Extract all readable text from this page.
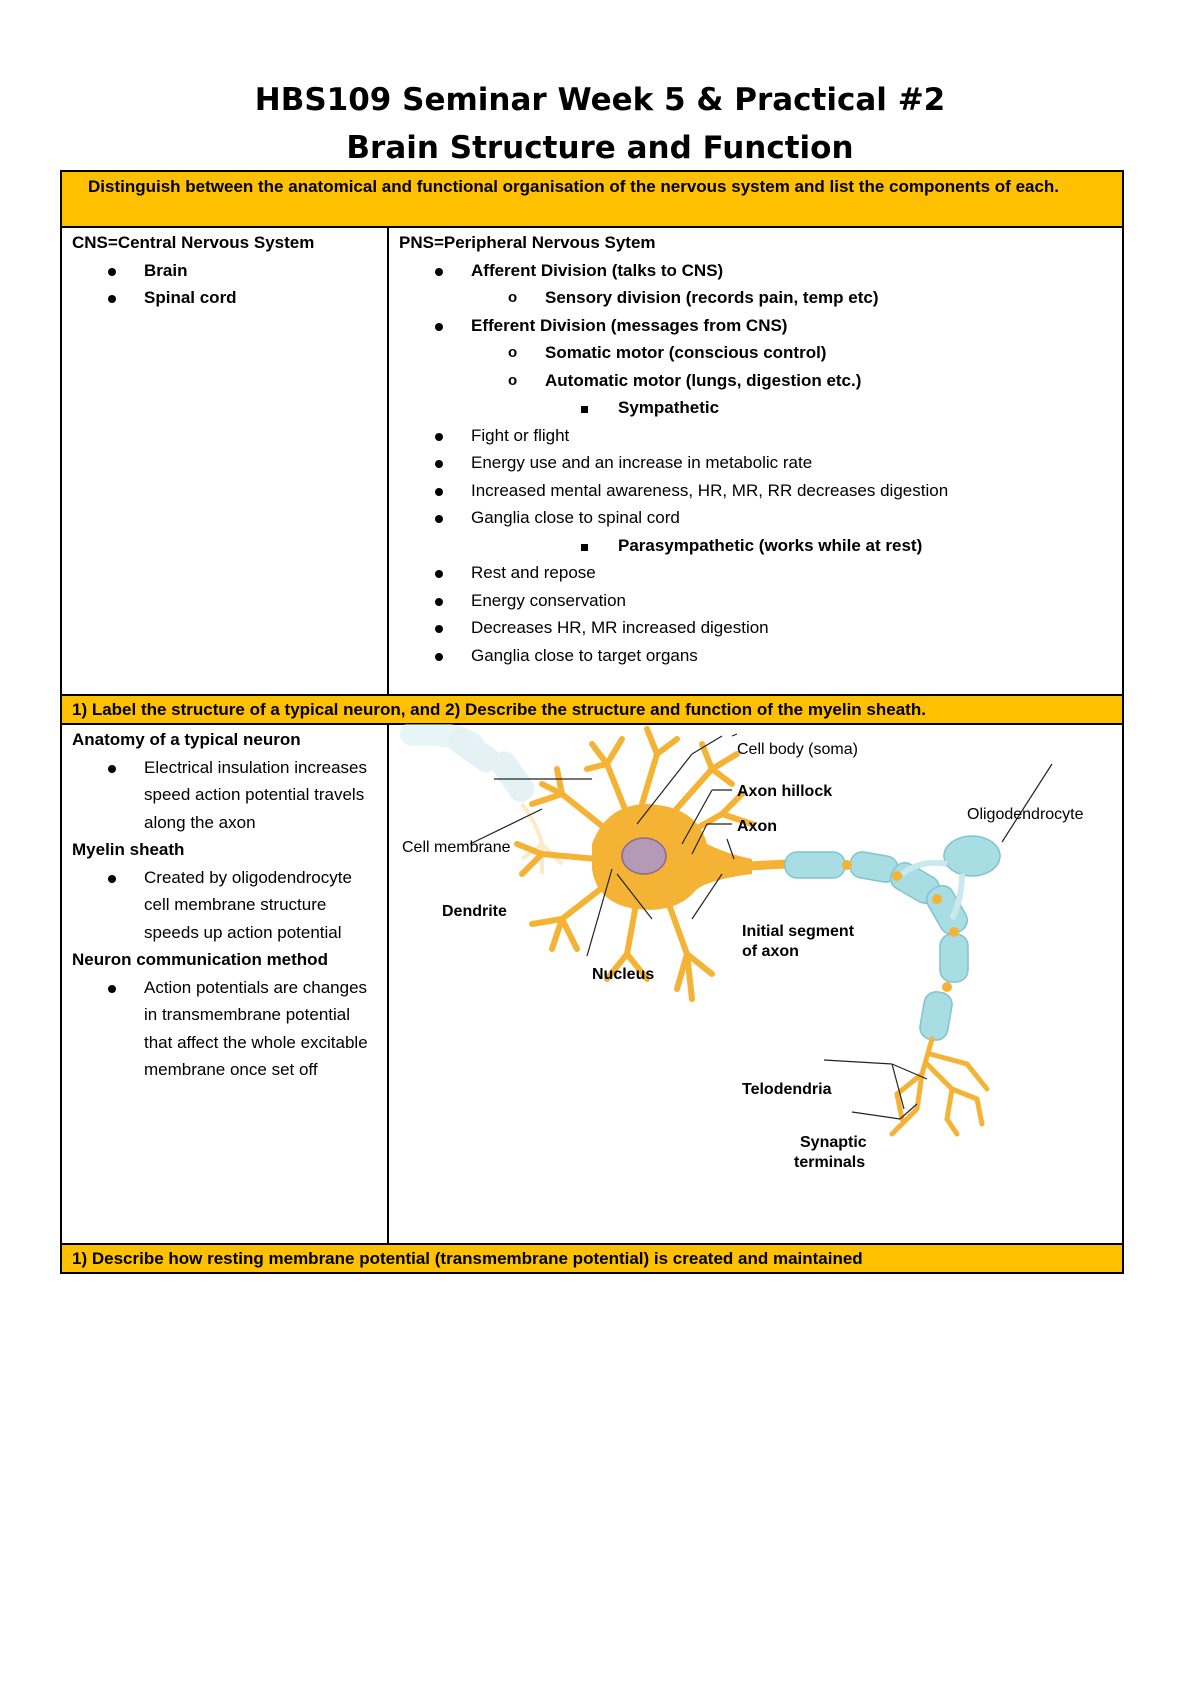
HBS109 Seminar Week 5 & Practical #2
Brain Structure and Function
Distinguish between the anatomical and functional organisation of the nervous system and list the components of each.
CNS=Central Nervous System
Brain
Spinal cord
PNS=Peripheral Nervous Sytem
Afferent Division (talks to CNS)
o Sensory division (records pain, temp etc)
Efferent Division (messages from CNS)
o Somatic motor (conscious control)
o Automatic motor (lungs, digestion etc.)
Sympathetic
Fight or flight
Energy use and an increase in metabolic rate
Increased mental awareness, HR, MR, RR decreases digestion
Ganglia close to spinal cord
Parasympathetic (works while at rest)
Rest and repose
Energy conservation
Decreases HR, MR increased digestion
Ganglia close to target organs
1) Label the structure of a typical neuron, and 2) Describe the structure and function of the myelin sheath.
Anatomy of a typical neuron
Electrical insulation increases speed action potential travels along the axon
Myelin sheath
Created by oligodendrocyte cell membrane structure speeds up action potential
Neuron communication method
Action potentials are changes in transmembrane potential that affect the whole excitable membrane once set off
Cell body (soma)
Axon hillock
Axon
Oligodendrocyte
Cell membrane
Dendrite
Initial segment
of axon
Nucleus
Telodendria
Synaptic
terminals
1) Describe how resting membrane potential (transmembrane potential) is created and maintained
